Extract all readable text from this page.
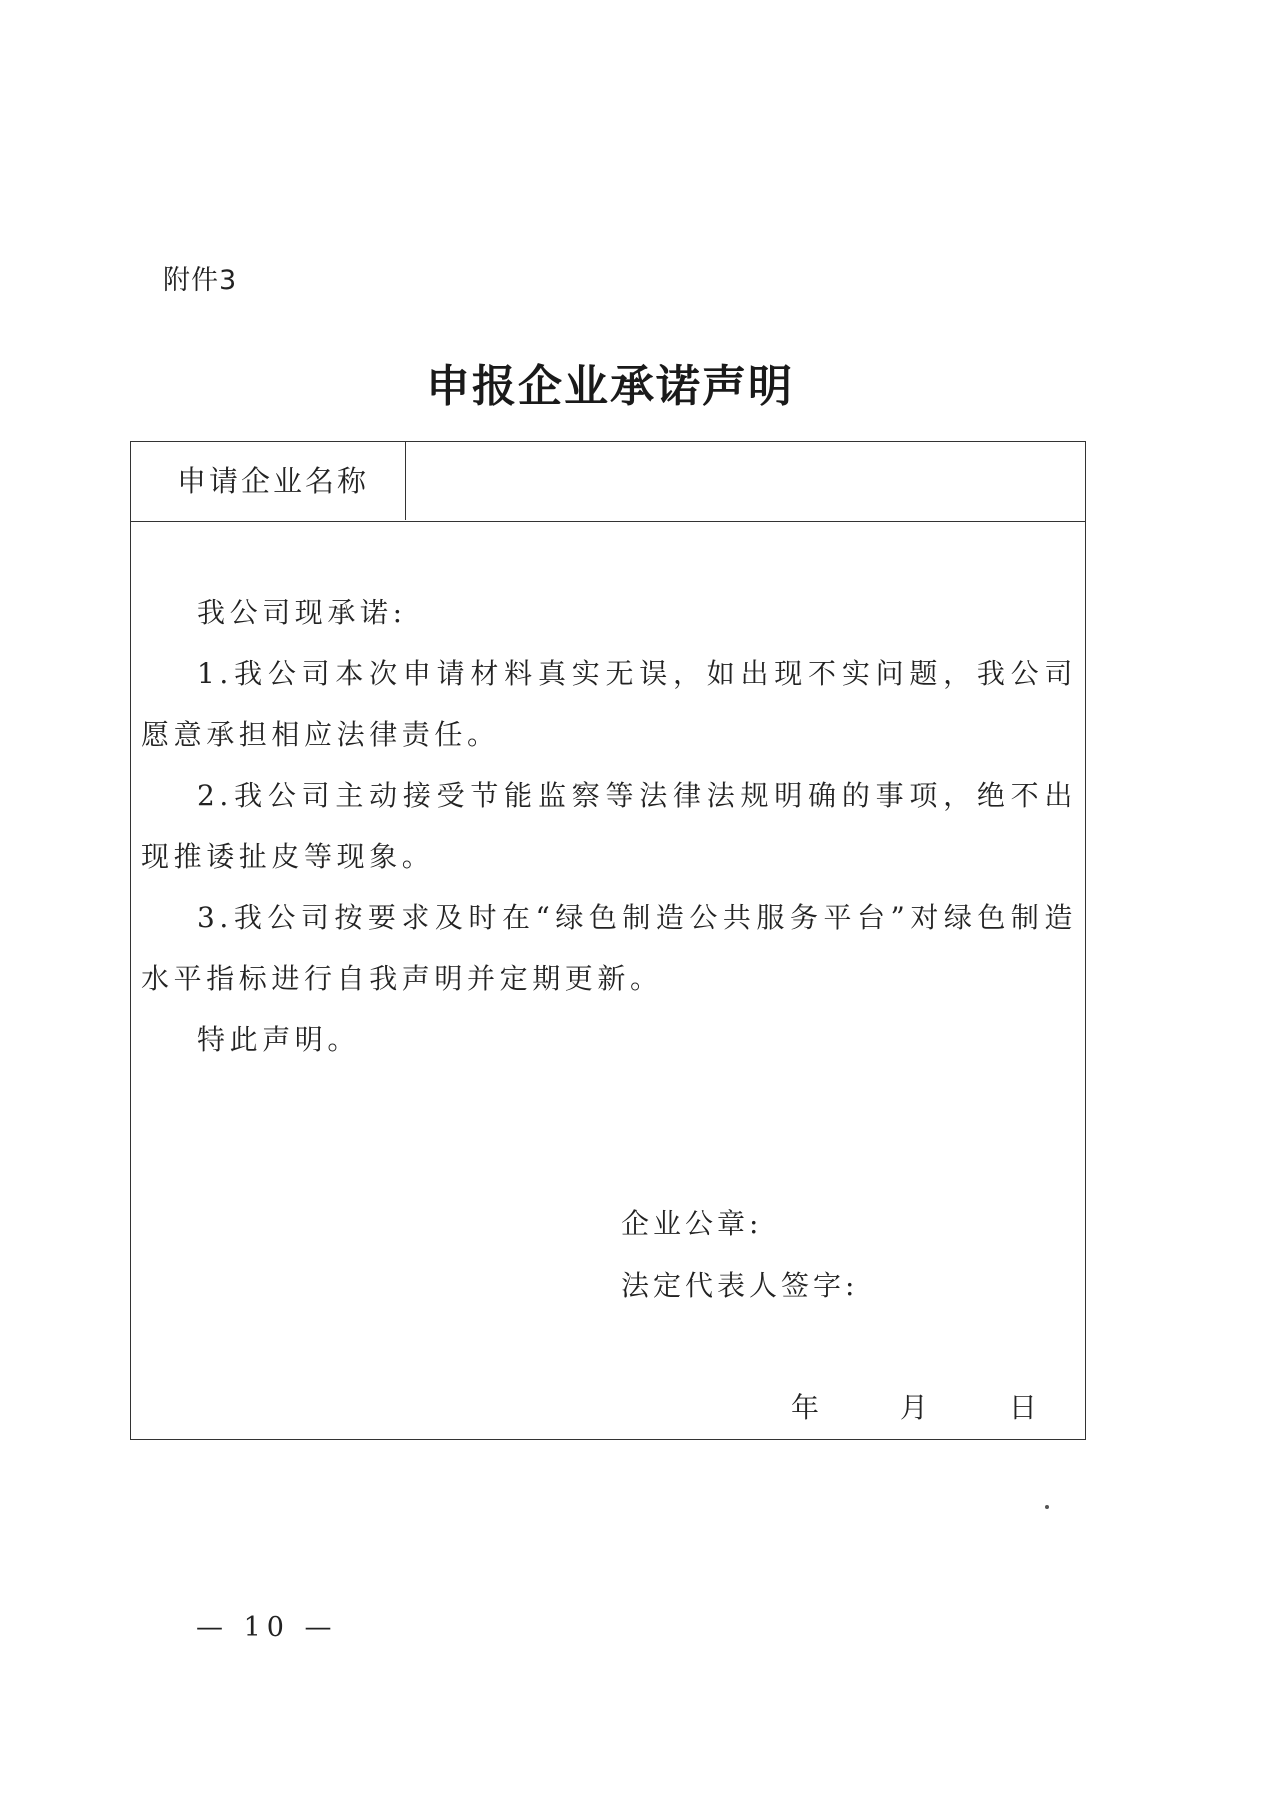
附件3
申报企业承诺声明
申请企业名称

我公司现承诺:

1.我公司本次申请材料真实无误，如出现不实问题，我公司愿意承担相应法律责任。

2.我公司主动接受节能监察等法律法规明确的事项，绝不出现推诿扯皮等现象。

3.我公司按要求及时在“绿色制造公共服务平台”对绿色制造水平指标进行自我声明并定期更新。

特此声明。

企业公章:
法定代表人签字:
年	月	日
— 10 —
